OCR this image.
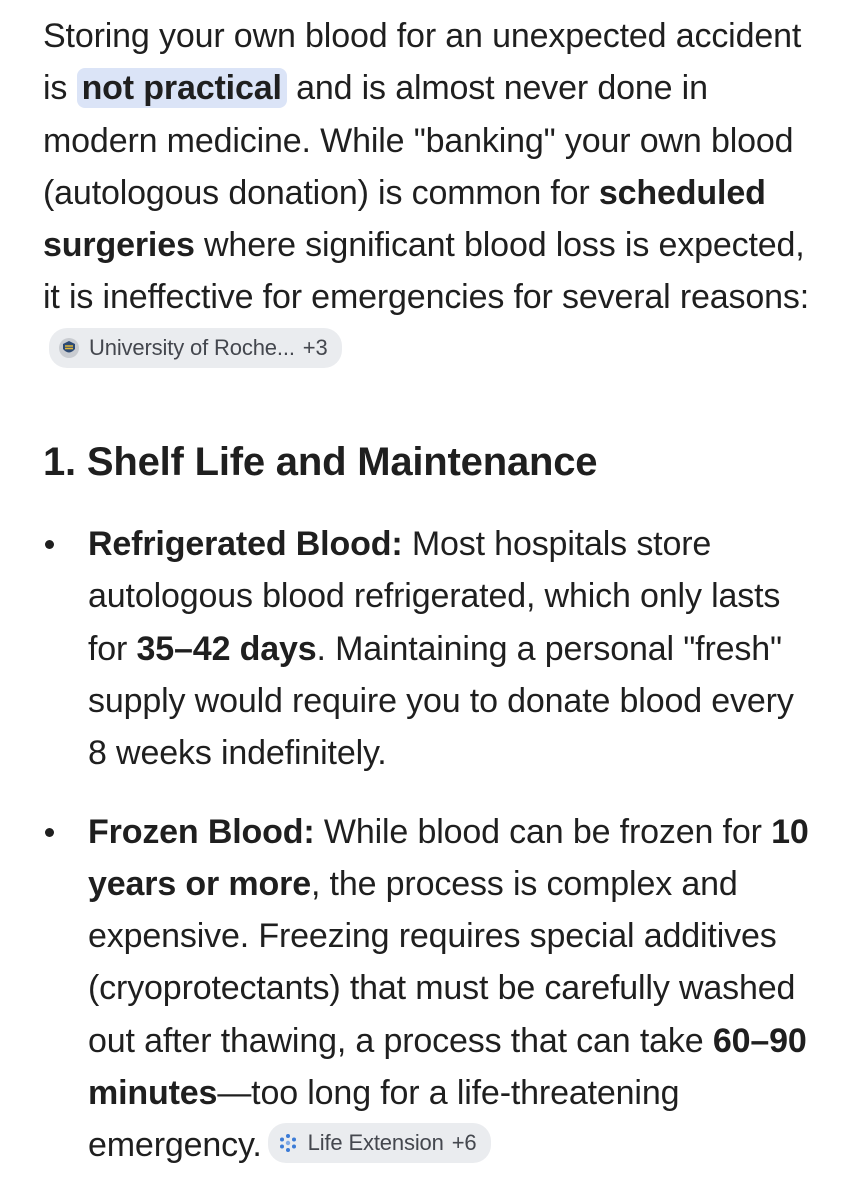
Storing your own blood for an unexpected accident is not practical and is almost never done in modern medicine. While "banking" your own blood (autologous donation) is common for scheduled surgeries where significant blood loss is expected, it is ineffective for emergencies for several reasons:
University of Roche... +3

1. Shelf Life and Maintenance
Refrigerated Blood: Most hospitals store autologous blood refrigerated, which only lasts for 35–42 days. Maintaining a personal "fresh" supply would require you to donate blood every 8 weeks indefinitely.
Frozen Blood: While blood can be frozen for 10 years or more, the process is complex and expensive. Freezing requires special additives (cryoprotectants) that must be carefully washed out after thawing, a process that can take 60–90 minutes—too long for a life-threatening emergency. Life Extension +6
